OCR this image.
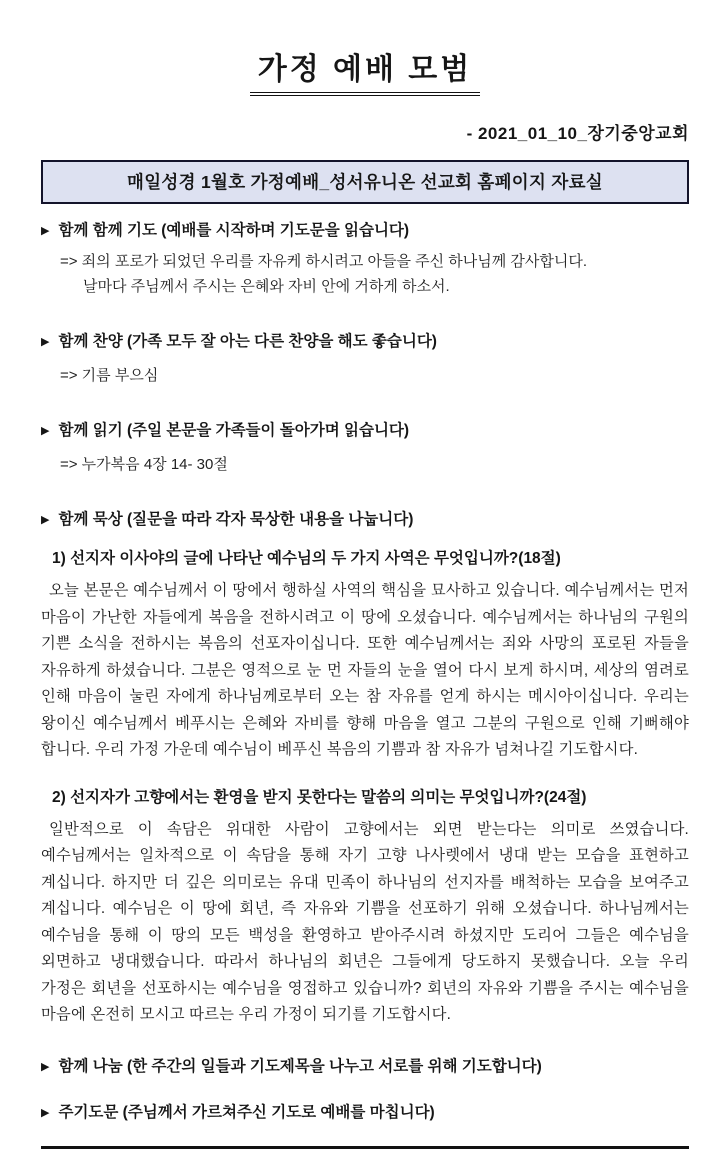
가정 예배 모범
- 2021_01_10_장기중앙교회
매일성경 1월호 가정예배_성서유니온 선교회 홈페이지 자료실
▶ 함께 함께 기도 (예배를 시작하며 기도문을 읽습니다)
=> 죄의 포로가 되었던 우리를 자유케 하시려고 아들을 주신 하나님께 감사합니다.
날마다 주님께서 주시는 은혜와 자비 안에 거하게 하소서.
▶ 함께 찬양 (가족 모두 잘 아는 다른 찬양을 해도 좋습니다)
=> 기름 부으심
▶ 함께 읽기 (주일 본문을 가족들이 돌아가며 읽습니다)
=> 누가복음 4장 14- 30절
▶ 함께 묵상 (질문을 따라 각자 묵상한 내용을 나눕니다)
1) 선지자 이사야의 글에 나타난 예수님의 두 가지 사역은 무엇입니까?(18절)
오늘 본문은 예수님께서 이 땅에서 행하실 사역의 핵심을 묘사하고 있습니다. 예수님께서는 먼저 마음이 가난한 자들에게 복음을 전하시려고 이 땅에 오셨습니다. 예수님께서는 하나님의 구원의 기쁜 소식을 전하시는 복음의 선포자이십니다. 또한 예수님께서는 죄와 사망의 포로된 자들을 자유하게 하셨습니다. 그분은 영적으로 눈 먼 자들의 눈을 열어 다시 보게 하시며, 세상의 염려로 인해 마음이 눌린 자에게 하나님께로부터 오는 참 자유를 얻게 하시는 메시아이십니다. 우리는 왕이신 예수님께서 베푸시는 은혜와 자비를 향해 마음을 열고 그분의 구원으로 인해 기뻐해야 합니다. 우리 가정 가운데 예수님이 베푸신 복음의 기쁨과 참 자유가 넘쳐나길 기도합시다.
2) 선지자가 고향에서는 환영을 받지 못한다는 말씀의 의미는 무엇입니까?(24절)
일반적으로 이 속담은 위대한 사람이 고향에서는 외면 받는다는 의미로 쓰였습니다. 예수님께서는 일차적으로 이 속담을 통해 자기 고향 나사렛에서 냉대 받는 모습을 표현하고 계십니다. 하지만 더 깊은 의미로는 유대 민족이 하나님의 선지자를 배척하는 모습을 보여주고 계십니다. 예수님은 이 땅에 회년, 즉 자유와 기쁨을 선포하기 위해 오셨습니다. 하나님께서는 예수님을 통해 이 땅의 모든 백성을 환영하고 받아주시려 하셨지만 도리어 그들은 예수님을 외면하고 냉대했습니다. 따라서 하나님의 회년은 그들에게 당도하지 못했습니다. 오늘 우리 가정은 회년을 선포하시는 예수님을 영접하고 있습니까? 회년의 자유와 기쁨을 주시는 예수님을 마음에 온전히 모시고 따르는 우리 가정이 되기를 기도합시다.
▶ 함께 나눔 (한 주간의 일들과 기도제목을 나누고 서로를 위해 기도합니다)
▶ 주기도문 (주님께서 가르쳐주신 기도로 예배를 마칩니다)
